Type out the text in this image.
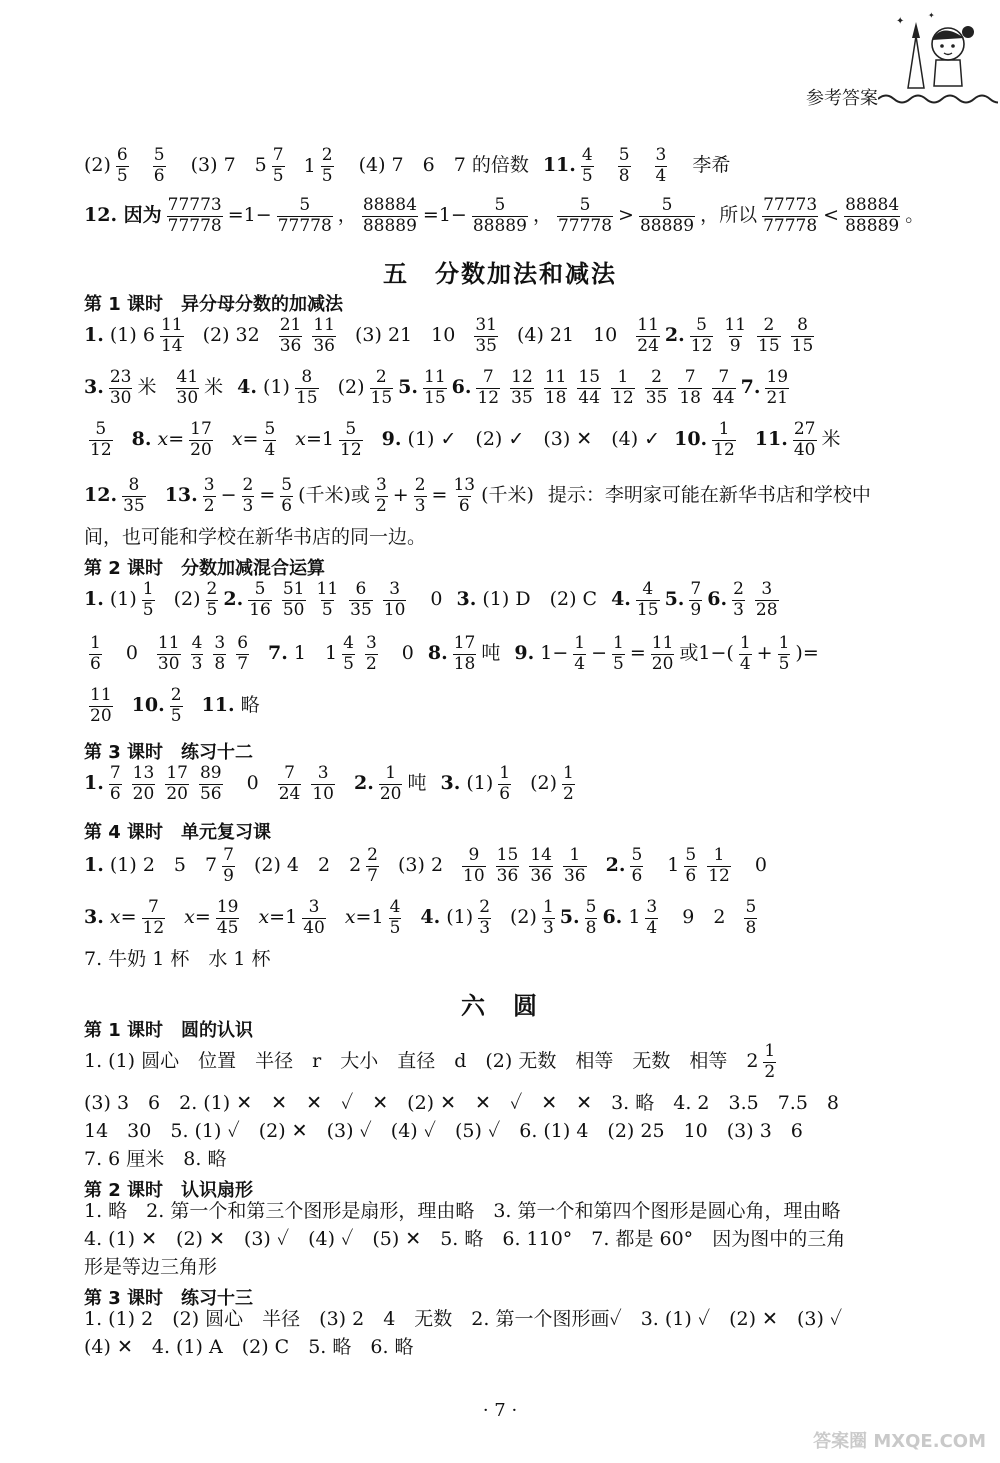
✦
✦
参考答案
$(2) \frac{6}{5} \frac{5}{6} (3)$ 7　$5 \frac{7}{5} 1 \frac{2}{5} (4)$ 7　6　7 的倍数 11. $\frac{4}{5} \frac{5}{8} \frac{3}{4}$ 李希
12. 因为 $\frac{77773}{77778} =1- \frac{5}{77778}$ ， $\frac{88884}{88889} =1- \frac{5}{88889}$ ， $\frac{5}{77778} > \frac{5}{88889}$ ，所以 $\frac{77773}{77778} < \frac{88884}{88889}$ 。
五　分数加法和减法
第 1 课时　异分母分数的加减法
1. (1) $6 \frac{11}{14} (2)$ $32 \frac{21}{36} \frac{11}{36} (3)$ 21　$10 \frac{31}{35} (4)$ 21　$10 \frac{11}{24} 2$. $\frac{5}{12} \frac{11}{9} \frac{2}{15} \frac{8}{15}$
3. $\frac{23}{30}$ 米 $\frac{41}{30}$ 米 4. $(1) \frac{8}{15} (2) \frac{2}{15} 5$. $\frac{11}{15} 6$. $\frac{7}{12} \frac{12}{35} \frac{11}{18} \frac{15}{44} \frac{1}{12} \frac{2}{35} \frac{7}{18} \frac{7}{44} 7$. $\frac{19}{21}$
$\frac{5}{12} 8$. $x= \frac{17}{20} x= \frac{5}{4} x=1 \frac{5}{12} 9$. (1) ✓　(2) ✓　(3) ✕　(4) ✓ 10. $\frac{1}{12} 11$. $\frac{27}{40}$ 米
12. $\frac{8}{35} 13$. $\frac{3}{2} - \frac{2}{3} = \frac{5}{6}$ (千米)或 $\frac{3}{2} + \frac{2}{3} = \frac{13}{6}$ (千米) 提示：李明家可能在新华书店和学校中
间，也可能和学校在新华书店的同一边。
第 2 课时　分数加减混合运算
1. $(1) \frac{1}{5} (2) \frac{2}{5} 2$. $\frac{5}{16} \frac{51}{50} \frac{11}{5} \frac{6}{35} \frac{3}{10}$ 　0 3. (1) D　(2) C 4. $\frac{4}{15} 5$. $\frac{7}{9} 6$. $\frac{2}{3} \frac{3}{28}$
$\frac{1}{6}$ 　$0 \frac{11}{30} \frac{4}{3} \frac{3}{8} \frac{6}{7} 7$. 1　$1 \frac{4}{5} \frac{3}{2}$ 　0 8. $\frac{17}{18}$ 吨 9. $1- \frac{1}{4} - \frac{1}{5} = \frac{11}{20}$ 或$1-( \frac{1}{4} + \frac{1}{5}$ )=
$\frac{11}{20} 10$. $\frac{2}{5} 11$. 略
第 3 课时　练习十二
1. $\frac{7}{6} \frac{13}{20} \frac{17}{20} \frac{89}{56}$ 　$0 \frac{7}{24} \frac{3}{10} 2$. $\frac{1}{20}$ 吨 3. $(1) \frac{1}{6} (2) \frac{1}{2}$
第 4 课时　单元复习课
1. (1) 2　5　$7 \frac{7}{9} (2)$ 4　2　$2 \frac{2}{7} (3)$ $2 \frac{9}{10} \frac{15}{36} \frac{14}{36} \frac{1}{36} 2$. $\frac{5}{6}$ 　$1 \frac{5}{6} \frac{1}{12}$ 　0
3. $x= \frac{7}{12} x= \frac{19}{45} x=1 \frac{3}{40} x=1 \frac{4}{5} 4$. $(1) \frac{2}{3} (2) \frac{1}{3} 5$. $\frac{5}{8} 6$. $1 \frac{3}{4}$ 　9　$2 \frac{5}{8}$
7. 牛奶 1 杯　水 1 杯
六　圆
第 1 课时　圆的认识
1. (1) 圆心　位置　半径　r　大小　直径　d　(2) 无数　相等　无数　相等　$2 \frac{1}{2}$
(3) 3　6　2. (1) ✕　✕　✕　✓　✕　(2) ✕　✕　✓　✕　✕　3. 略　4. 2　3.5　7.5　8
14　30　5. (1) ✓　(2) ✕　(3) ✓　(4) ✓　(5) ✓　6. (1) 4　(2) 25　10　(3) 3　6
7. 6 厘米　8. 略
第 2 课时　认识扇形
1. 略　2. 第一个和第三个图形是扇形，理由略　3. 第一个和第四个图形是圆心角，理由略
4. (1) ✕　(2) ✕　(3) ✓　(4) ✓　(5) ✕　5. 略　6. 110°　7. 都是 60°　因为图中的三角
形是等边三角形
第 3 课时　练习十三
1. (1) 2　(2) 圆心　半径　(3) 2　4　无数　2. 第一个图形画✓　3. (1) ✓　(2) ✕　(3) ✓
(4) ✕　4. (1) A　(2) C　5. 略　6. 略
· 7 ·
答案圈 MXQE.COM
